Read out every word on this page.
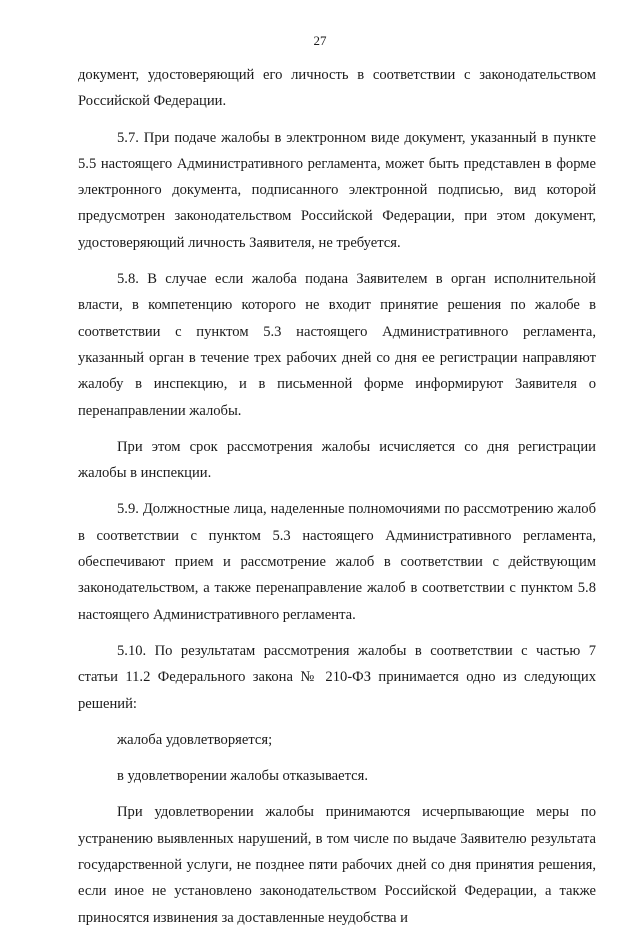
27

документ, удостоверяющий его личность в соответствии с законодательством Российской Федерации.

5.7. При подаче жалобы в электронном виде документ, указанный в пункте 5.5 настоящего Административного регламента, может быть представлен в форме электронного документа, подписанного электронной подписью, вид которой предусмотрен законодательством Российской Федерации, при этом документ, удостоверяющий личность Заявителя, не требуется.

5.8. В случае если жалоба подана Заявителем в орган исполнительной власти, в компетенцию которого не входит принятие решения по жалобе в соответствии с пунктом 5.3 настоящего Административного регламента, указанный орган в течение трех рабочих дней со дня ее регистрации направляют жалобу в инспекцию, и в письменной форме информируют Заявителя о перенаправлении жалобы.

При этом срок рассмотрения жалобы исчисляется со дня регистрации жалобы в инспекции.

5.9. Должностные лица, наделенные полномочиями по рассмотрению жалоб в соответствии с пунктом 5.3 настоящего Административного регламента, обеспечивают прием и рассмотрение жалоб в соответствии с действующим законодательством, а также перенаправление жалоб в соответствии с пунктом 5.8 настоящего Административного регламента.

5.10. По результатам рассмотрения жалобы в соответствии с частью 7 статьи 11.2 Федерального закона № 210-ФЗ принимается одно из следующих решений:

жалоба удовлетворяется;

в удовлетворении жалобы отказывается.

При удовлетворении жалобы принимаются исчерпывающие меры по устранению выявленных нарушений, в том числе по выдаче Заявителю результата государственной услуги, не позднее пяти рабочих дней со дня принятия решения, если иное не установлено законодательством Российской Федерации, а также приносятся извинения за доставленные неудобства и
